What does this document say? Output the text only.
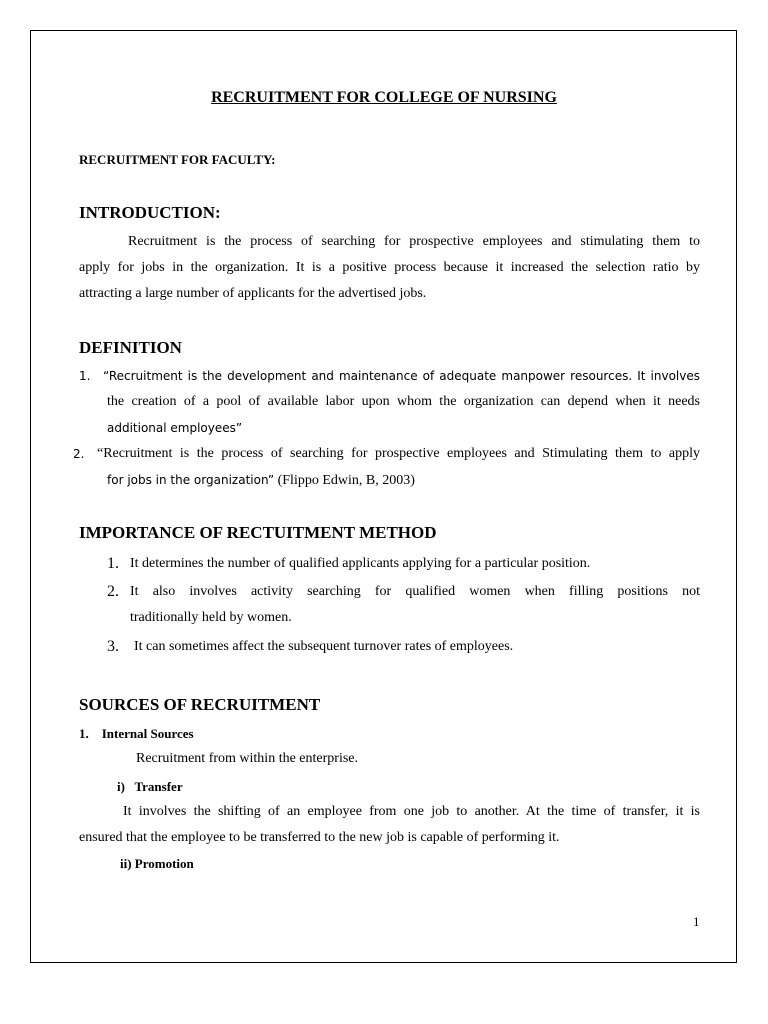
RECRUITMENT FOR COLLEGE OF NURSING
RECRUITMENT FOR FACULTY:
INTRODUCTION:
Recruitment is the process of searching for prospective employees and stimulating them to
apply for jobs in the organization. It is a positive process because it increased the selection ratio by
attracting a large number of applicants for the advertised jobs.
DEFINITION
1. “Recruitment is the development and maintenance of adequate manpower resources. It involves
the creation of a pool of available labor upon whom the organization can depend when it needs
additional employees”
2. “Recruitment is the process of searching for prospective employees and Stimulating them to apply
for jobs in the organization” (Flippo Edwin, B, 2003)
IMPORTANCE OF RECTUITMENT METHOD
1. It determines the number of qualified applicants applying for a particular position.
2. It also involves activity searching for qualified women when filling positions not
traditionally held by women.
3. It can sometimes affect the subsequent turnover rates of employees.
SOURCES OF RECRUITMENT
1.    Internal Sources
Recruitment from within the enterprise.
i)   Transfer
It involves the shifting of an employee from one job to another. At the time of transfer, it is
ensured that the employee to be transferred to the new job is capable of performing it.
ii) Promotion
1
